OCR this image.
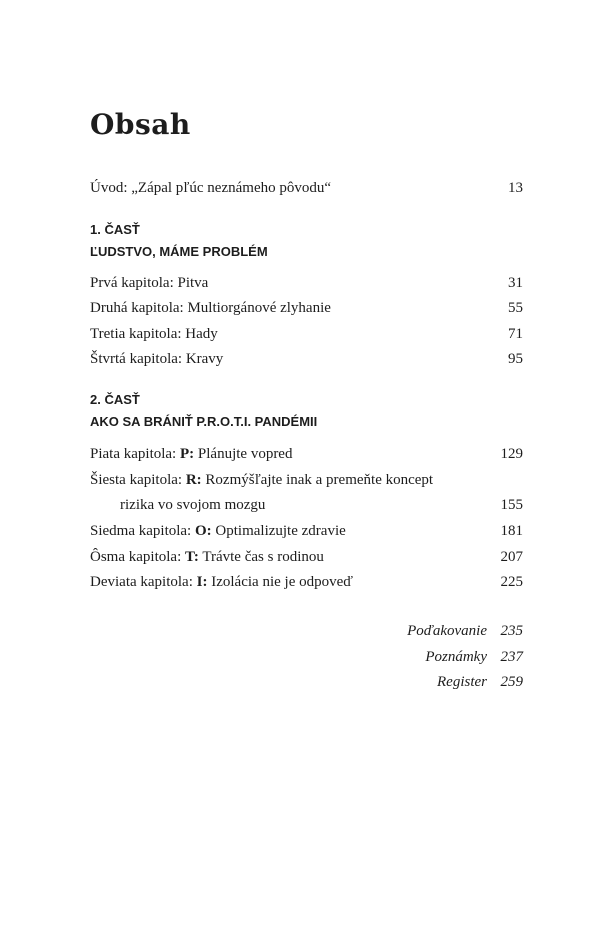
Obsah
Úvod: „Zápal pľúc neznámeho pôvodu“	13
1. ČASŤ
ĽUDSTVO, MÁME PROBLÉM
Prvá kapitola: Pitva	31
Druhá kapitola: Multiorgánové zlyhanie	55
Tretia kapitola: Hady	71
Štvrtá kapitola: Kravy	95
2. ČASŤ
AKO SA BRÁNIŤ P.R.O.T.I. PANDÉMII
Piata kapitola: P: Plánujte vopred	129
Šiesta kapitola: R: Rozmýšľajte inak a premeňte koncept
rizika vo svojom mozgu	155
Siedma kapitola: O: Optimalizujte zdravie	181
Ôsma kapitola: T: Trávte čas s rodinou	207
Deviata kapitola: I: Izolácia nie je odpoveď	225
Poďakovanie 235
Poznámky 237
Register 259
